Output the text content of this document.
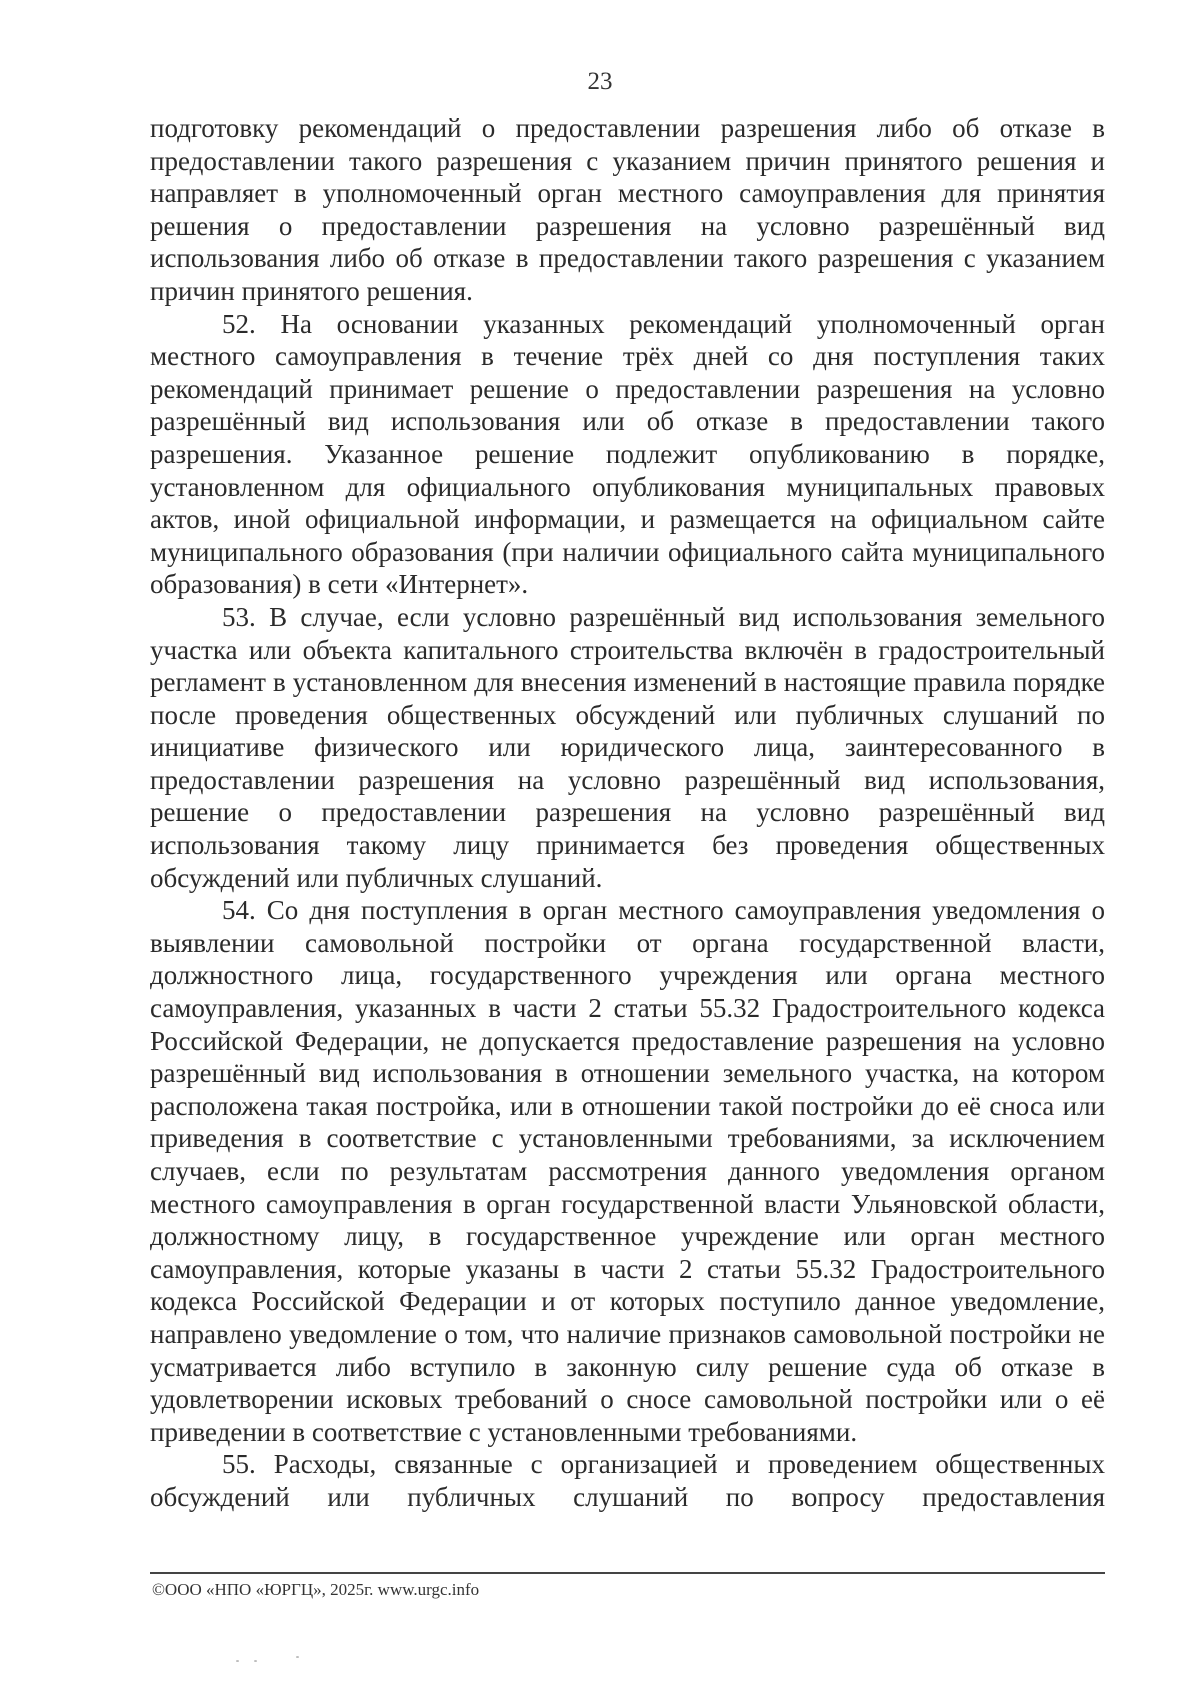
23

подготовку рекомендаций о предоставлении разрешения либо об отказе в предоставлении такого разрешения с указанием причин принятого решения и направляет в уполномоченный орган местного самоуправления для принятия решения о предоставлении разрешения на условно разрешённый вид использования либо об отказе в предоставлении такого разрешения с указанием причин принятого решения.

52. На основании указанных рекомендаций уполномоченный орган местного самоуправления в течение трёх дней со дня поступления таких рекомендаций принимает решение о предоставлении разрешения на условно разрешённый вид использования или об отказе в предоставлении такого разрешения. Указанное решение подлежит опубликованию в порядке, установленном для официального опубликования муниципальных правовых актов, иной официальной информации, и размещается на официальном сайте муниципального образования (при наличии официального сайта муниципального образования) в сети «Интернет».

53. В случае, если условно разрешённый вид использования земельного участка или объекта капитального строительства включён в градостроительный регламент в установленном для внесения изменений в настоящие правила порядке после проведения общественных обсуждений или публичных слушаний по инициативе физического или юридического лица, заинтересованного в предоставлении разрешения на условно разрешённый вид использования, решение о предоставлении разрешения на условно разрешённый вид использования такому лицу принимается без проведения общественных обсуждений или публичных слушаний.

54. Со дня поступления в орган местного самоуправления уведомления о выявлении самовольной постройки от органа государственной власти, должностного лица, государственного учреждения или органа местного самоуправления, указанных в части 2 статьи 55.32 Градостроительного кодекса Российской Федерации, не допускается предоставление разрешения на условно разрешённый вид использования в отношении земельного участка, на котором расположена такая постройка, или в отношении такой постройки до её сноса или приведения в соответствие с установленными требованиями, за исключением случаев, если по результатам рассмотрения данного уведомления органом местного самоуправления в орган государственной власти Ульяновской области, должностному лицу, в государственное учреждение или орган местного самоуправления, которые указаны в части 2 статьи 55.32 Градостроительного кодекса Российской Федерации и от которых поступило данное уведомление, направлено уведомление о том, что наличие признаков самовольной постройки не усматривается либо вступило в законную силу решение суда об отказе в удовлетворении исковых требований о сносе самовольной постройки или о её приведении в соответствие с установленными требованиями.

55. Расходы, связанные с организацией и проведением общественных обсуждений или публичных слушаний по вопросу предоставления

©ООО «НПО «ЮРГЦ», 2025г. www.urgc.info
